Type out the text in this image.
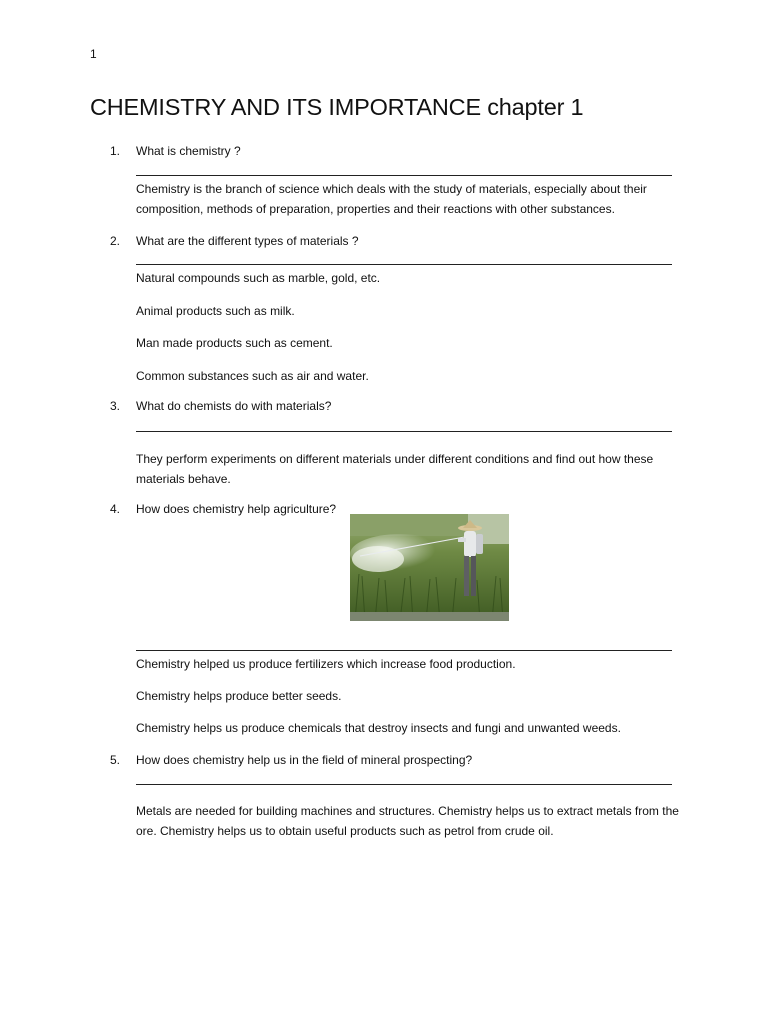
1
CHEMISTRY AND ITS IMPORTANCE chapter 1
1. What is chemistry ?

Chemistry is the branch of science which deals with the study of materials, especially about their composition, methods of preparation, properties and their reactions with other substances.

2. What are the different types of materials ?

Natural compounds such as marble, gold, etc.

Animal products such as milk.

Man made products such as cement.

Common substances such as air and water.

3. What do chemists do with materials?

They perform experiments on different materials under different conditions and find out how these materials behave.

4. How does chemistry help agriculture?

Chemistry helped us produce fertilizers which increase food production.

Chemistry helps produce better seeds.

Chemistry helps us produce chemicals that destroy insects and fungi and unwanted weeds.

5. How does chemistry help us in the field of mineral prospecting?

Metals are needed for building machines and structures. Chemistry helps us to extract metals from the ore. Chemistry helps us to obtain useful products such as petrol from crude oil.
